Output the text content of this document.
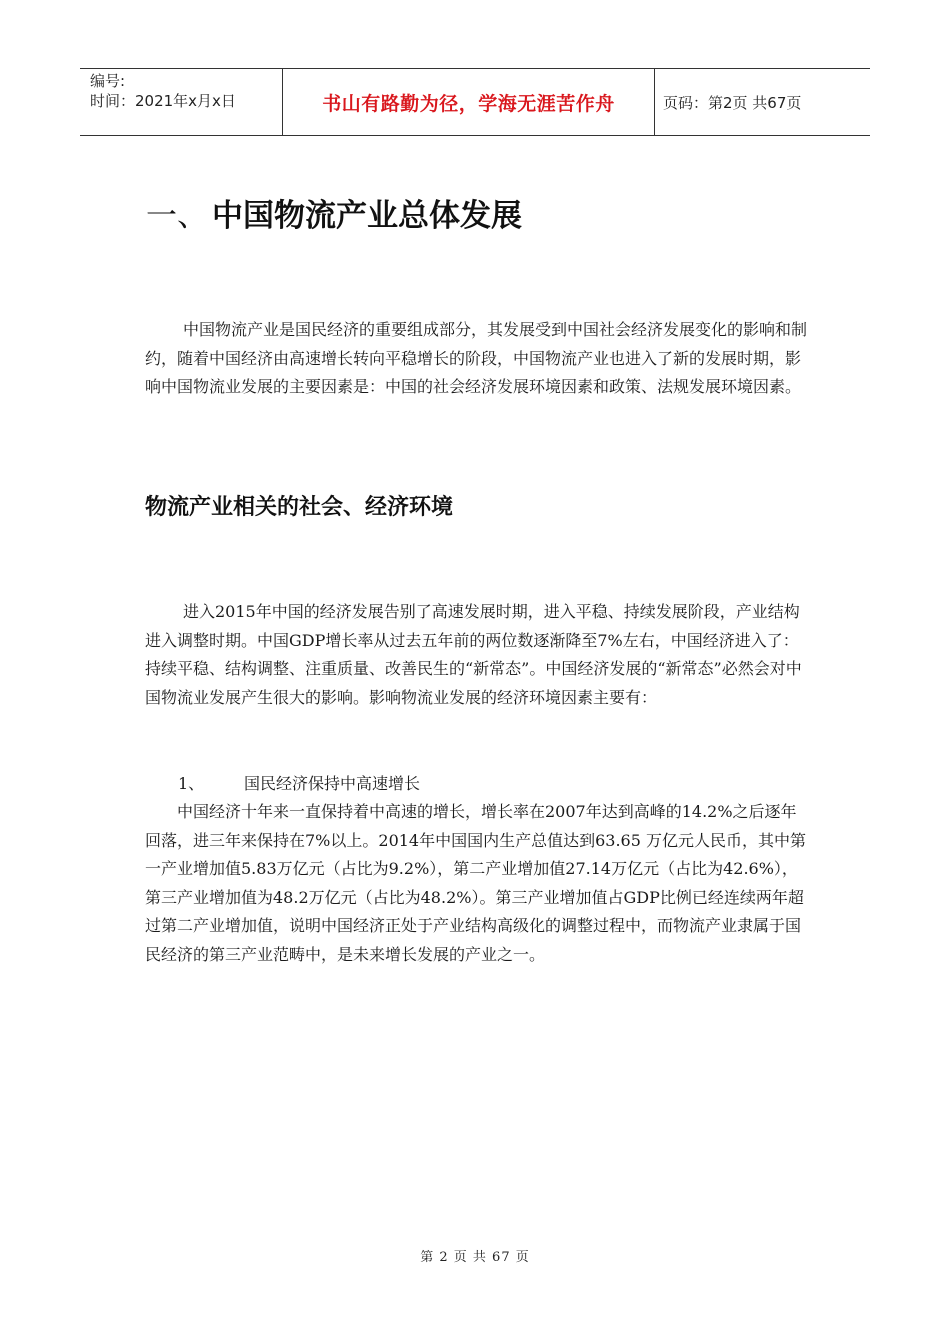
编号:
时间：2021年x月x日	书山有路勤为径，学海无涯苦作舟	页码：第2页 共67页
一、 中国物流产业总体发展

中国物流产业是国民经济的重要组成部分，其发展受到中国社会经济发展变化的影响和制约，随着中国经济由高速增长转向平稳增长的阶段，中国物流产业也进入了新的发展时期，影响中国物流业发展的主要因素是：中国的社会经济发展环境因素和政策、法规发展环境因素。

物流产业相关的社会、经济环境

进入2015年中国的经济发展告别了高速发展时期，进入平稳、持续发展阶段，产业结构进入调整时期。中国GDP增长率从过去五年前的两位数逐渐降至7%左右，中国经济进入了：持续平稳、结构调整、注重质量、改善民生的“新常态”。中国经济发展的“新常态”必然会对中国物流业发展产生很大的影响。影响物流业发展的经济环境因素主要有：

1、 国民经济保持中高速增长

中国经济十年来一直保持着中高速的增长，增长率在2007年达到高峰的14.2%之后逐年回落，进三年来保持在7%以上。2014年中国国内生产总值达到63.65 万亿元人民币，其中第一产业增加值5.83万亿元（占比为9.2%），第二产业增加值27.14万亿元（占比为42.6%），第三产业增加值为48.2万亿元（占比为48.2%）。第三产业增加值占GDP比例已经连续两年超过第二产业增加值，说明中国经济正处于产业结构高级化的调整过程中，而物流产业隶属于国民经济的第三产业范畴中，是未来增长发展的产业之一。

第 2 页 共 67 页
